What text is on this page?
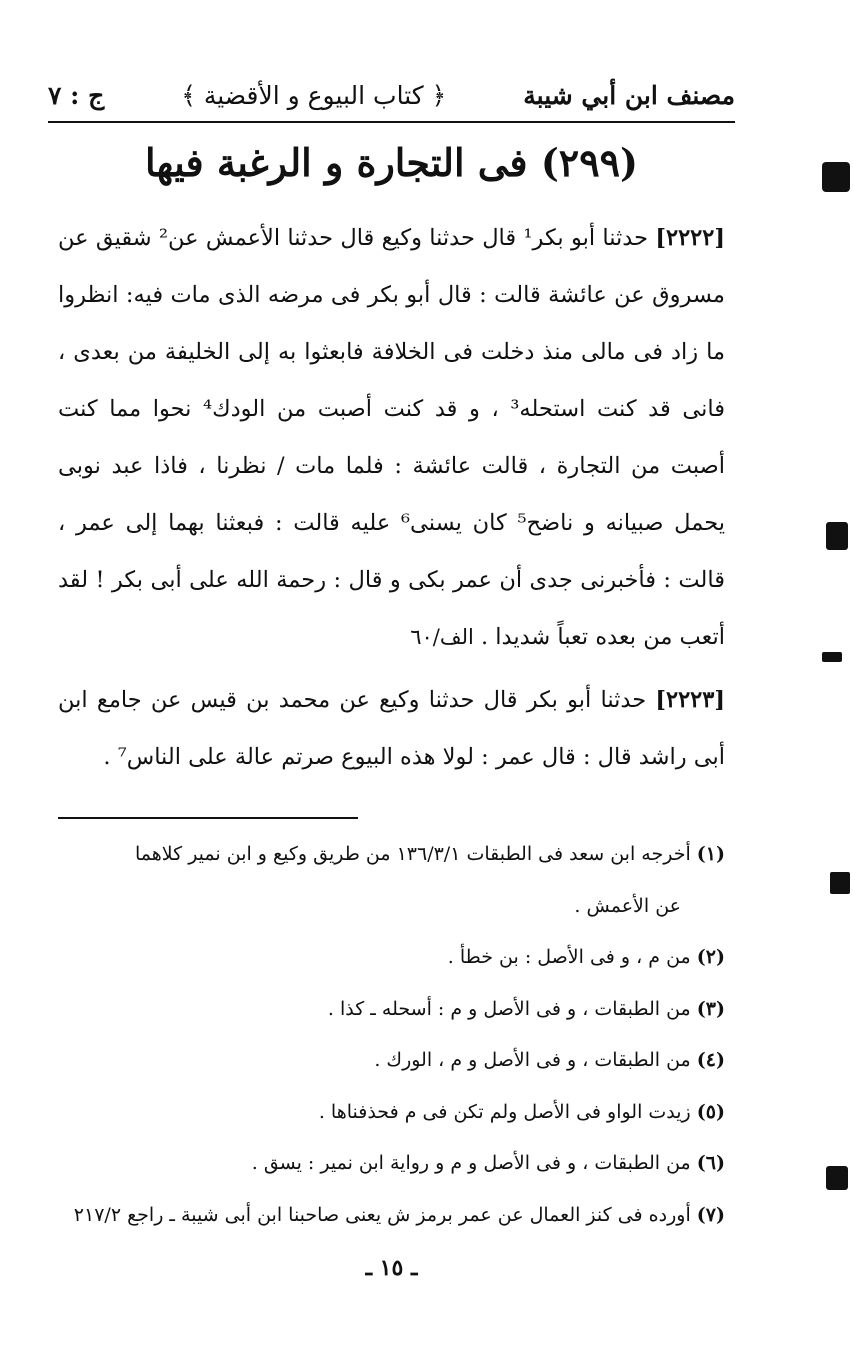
مصنف ابن أبي شيبة
﴿ كتاب البيوع و الأقضية ﴾
ج : ٧
(٢٩٩) فى التجارة و الرغبة فيها

[٢٢٢٢] حدثنا أبو بكر¹ قال حدثنا وكيع قال حدثنا الأعمش عن² شقيق عن مسروق عن عائشة قالت : قال أبو بكر فى مرضه الذى مات فيه: انظروا ما زاد فى مالى منذ دخلت فى الخلافة فابعثوا به إلى الخليفة من بعدى ، فانى قد كنت استحله³ ، و قد كنت أصبت من الودك⁴ نحوا مما كنت أصبت من التجارة ، قالت عائشة : فلما مات / نظرنا ، فاذا عبد نوبى يحمل صبيانه و ناضح⁵ كان يسنى⁶ عليه قالت : فبعثنا بهما إلى عمر ، قالت : فأخبرنى جدى أن عمر بكى و قال : رحمة الله على أبى بكر ! لقد أتعب من بعده تعباً شديدا . الف/٦٠

[٢٢٢٣] حدثنا أبو بكر قال حدثنا وكيع عن محمد بن قيس عن جامع ابن أبى راشد قال : قال عمر : لولا هذه البيوع صرتم عالة على الناس⁷ .

(١) أخرجه ابن سعد فى الطبقات ١٣٦/٣/١ من طريق وكيع و ابن نمير كلاهما

عن الأعمش .

(٢) من م ، و فى الأصل : بن خطأ .

(٣) من الطبقات ، و فى الأصل و م : أسحله ـ كذا .

(٤) من الطبقات ، و فى الأصل و م ، الورك .

(٥) زيدت الواو فى الأصل ولم تكن فى م فحذفناها .

(٦) من الطبقات ، و فى الأصل و م و رواية ابن نمير : يسق .

(٧) أورده فى كنز العمال عن عمر برمز ش يعنى صاحبنا ابن أبى شيبة ـ راجع ٢١٧/٢

ـ ١٥ ـ
